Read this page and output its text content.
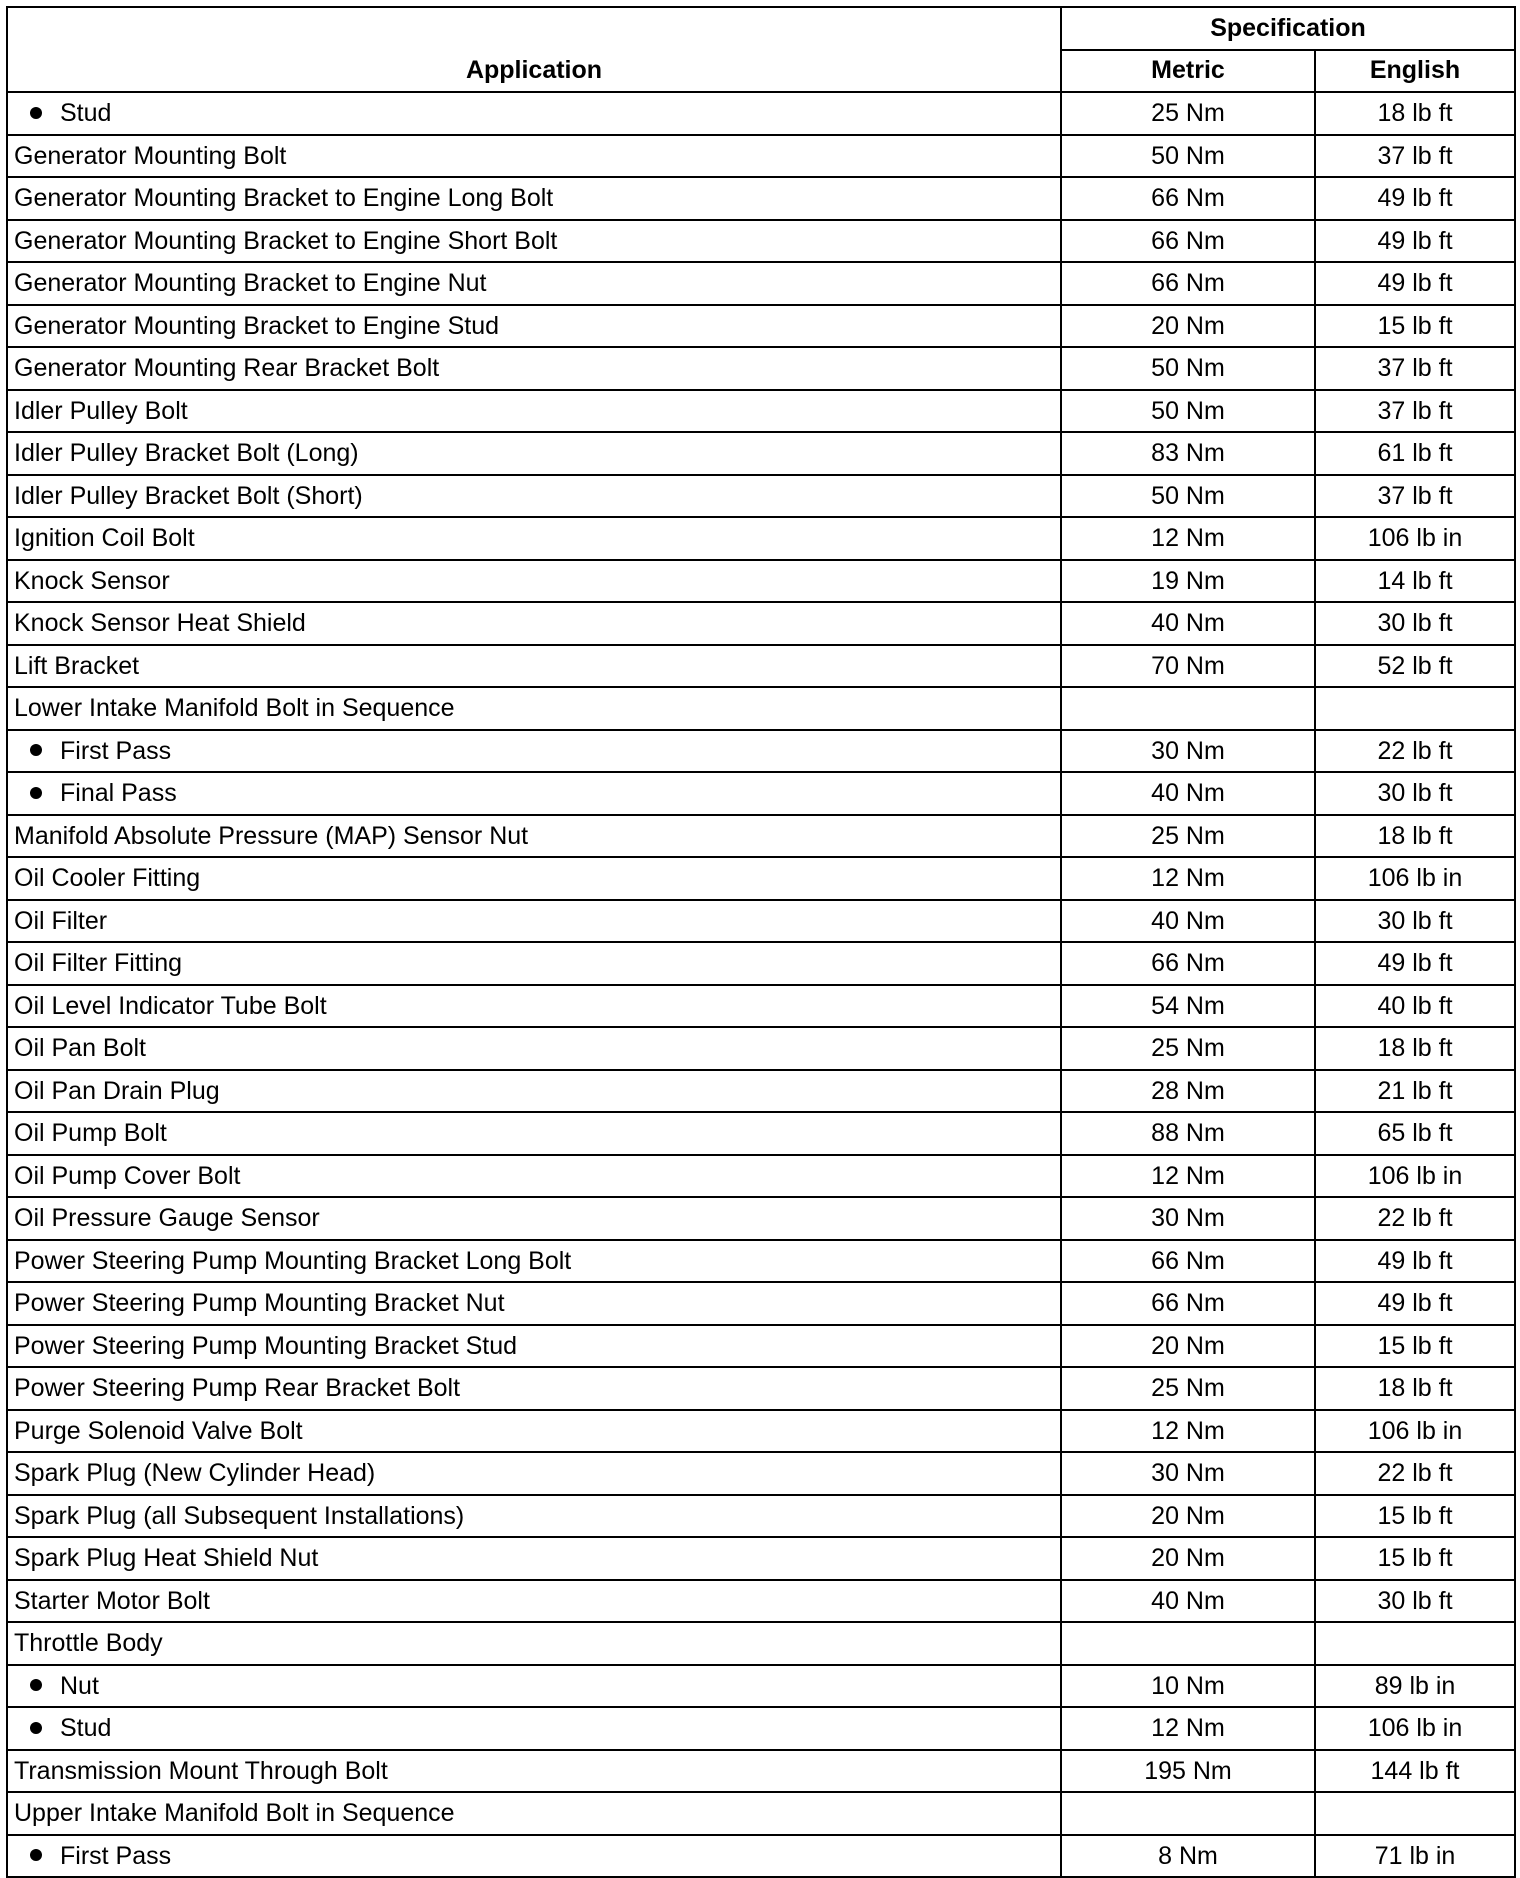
Application	Specification	
	Metric	English
Stud	25 Nm	18 lb ft
Generator Mounting Bolt	50 Nm	37 lb ft
Generator Mounting Bracket to Engine Long Bolt	66 Nm	49 lb ft
Generator Mounting Bracket to Engine Short Bolt	66 Nm	49 lb ft
Generator Mounting Bracket to Engine Nut	66 Nm	49 lb ft
Generator Mounting Bracket to Engine Stud	20 Nm	15 lb ft
Generator Mounting Rear Bracket Bolt	50 Nm	37 lb ft
Idler Pulley Bolt	50 Nm	37 lb ft
Idler Pulley Bracket Bolt (Long)	83 Nm	61 lb ft
Idler Pulley Bracket Bolt (Short)	50 Nm	37 lb ft
Ignition Coil Bolt	12 Nm	106 lb in
Knock Sensor	19 Nm	14 lb ft
Knock Sensor Heat Shield	40 Nm	30 lb ft
Lift Bracket	70 Nm	52 lb ft
Lower Intake Manifold Bolt in Sequence		
First Pass	30 Nm	22 lb ft
Final Pass	40 Nm	30 lb ft
Manifold Absolute Pressure (MAP) Sensor Nut	25 Nm	18 lb ft
Oil Cooler Fitting	12 Nm	106 lb in
Oil Filter	40 Nm	30 lb ft
Oil Filter Fitting	66 Nm	49 lb ft
Oil Level Indicator Tube Bolt	54 Nm	40 lb ft
Oil Pan Bolt	25 Nm	18 lb ft
Oil Pan Drain Plug	28 Nm	21 lb ft
Oil Pump Bolt	88 Nm	65 lb ft
Oil Pump Cover Bolt	12 Nm	106 lb in
Oil Pressure Gauge Sensor	30 Nm	22 lb ft
Power Steering Pump Mounting Bracket Long Bolt	66 Nm	49 lb ft
Power Steering Pump Mounting Bracket Nut	66 Nm	49 lb ft
Power Steering Pump Mounting Bracket Stud	20 Nm	15 lb ft
Power Steering Pump Rear Bracket Bolt	25 Nm	18 lb ft
Purge Solenoid Valve Bolt	12 Nm	106 lb in
Spark Plug (New Cylinder Head)	30 Nm	22 lb ft
Spark Plug (all Subsequent Installations)	20 Nm	15 lb ft
Spark Plug Heat Shield Nut	20 Nm	15 lb ft
Starter Motor Bolt	40 Nm	30 lb ft
Throttle Body		
Nut	10 Nm	89 lb in
Stud	12 Nm	106 lb in
Transmission Mount Through Bolt	195 Nm	144 lb ft
Upper Intake Manifold Bolt in Sequence		
First Pass	8 Nm	71 lb in
